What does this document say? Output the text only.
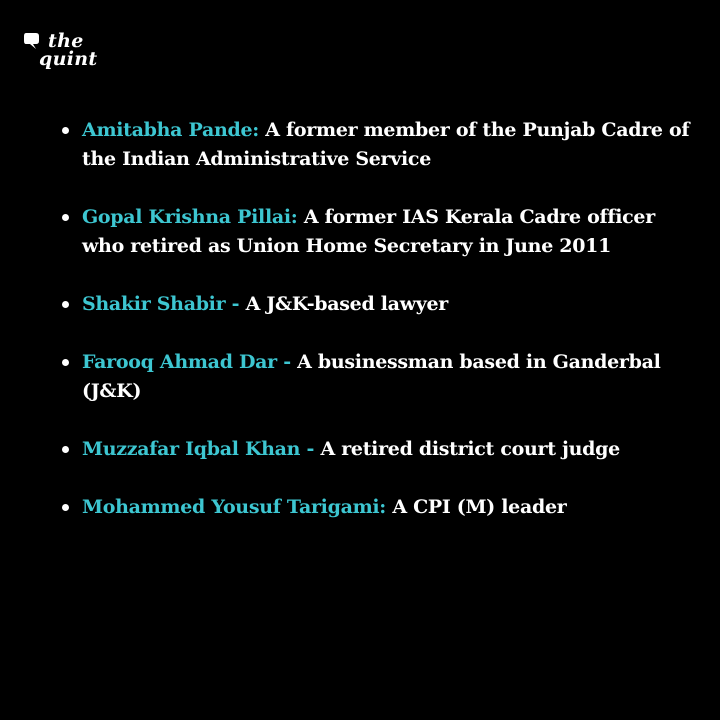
the
quint
Amitabha Pande: A former member of the Punjab Cadre of the Indian Administrative Service
Gopal Krishna Pillai: A former IAS Kerala Cadre officer who retired as Union Home Secretary in June 2011
Shakir Shabir - A J&K-based lawyer
Farooq Ahmad Dar - A businessman based in Ganderbal (J&K)
Muzzafar Iqbal Khan - A retired district court judge
Mohammed Yousuf Tarigami: A CPI (M) leader
